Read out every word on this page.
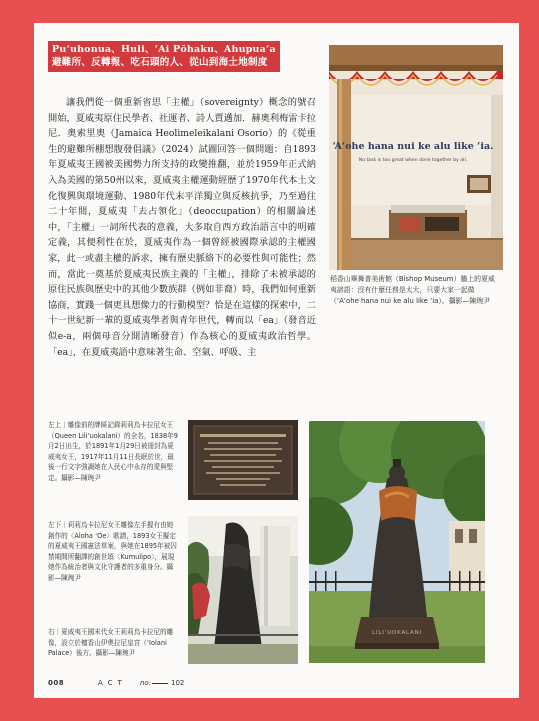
Pu‘uhonua、Huli、‘Ai Pōhaku、Ahupua‘a
避難所、反轉報、吃石頭的人、從山到海土地制度

讓我們從一個重新省思「主權」（sovereignty）概念的號召開始，夏威夷原住民學者、社運者、詩人賈邁加．赫奧利梅雷卡拉尼．奧索里奧（Jamaica Heolimeleikalani Osorio）的《從重生的避難所棚想腹發倡議》（2024）試圖回答一個問題：自1893年夏威夷王國被美國勢力所支持的政變推翻，並於1959年正式納入為美國的第50州以來，夏威夷主權運動經歷了1970年代本土文化復興與環境運動、1980年代末平洋獨立與反核抗爭，乃至過往二十年間，夏威夷「去占領化」（deoccupation）的相關論述中，「主權」一詞所代表的意義，大多取自西方政治語言中的明確定義，其便利性在於，夏威夷作為一個曾經被國際承認的主權國家，此一或盡主權的訴求，擁有歷史脈絡下的必要性與可能性；然而，當此一奠基於夏威夷民族主義的「主權」，排除了未被承認的原住民族與歷史中的其他少數族群（例如非裔）時，我們如何重新協商，實踐一個更具想像力的行動模型？恰是在這樣的探索中，二十一世紀新一輩的夏威夷學者與青年世代，轉而以「ea」（發音近似e-a，兩個母音分開清晰發音）作為核心的夏威夷政治哲學。「ea」，在夏威夷語中意味著生命、空氣、呼吸、主

‘A‘ohe hana nui ke alu like ‘ia.
No task is too great when done together by all.

稻香山畢舞普美術館（Bishop Museum）牆上的夏威夷諺語：沒有什麼任務是太大，只要大家一起做（‘A‘ohe hana nui ke alu like ‘ia）。攝影—陳琬尹

左上｜雕像前的牌匾記錄莉莉烏卡拉尼女王（Queen Lili‘uokalani）的全名，1838年9月2日出生，於1891年1月29日被冊封為夏威夷女王，1917年11月11日長眠於世，最後一行文字強調她在人民心中永存的愛與堅定。攝影—陳琬尹

左下｜莉莉烏卡拉尼女王雕像左手握有由她創作的〈Aloha ‘Oe〉歌譜，1893女王擬定的夏威夷王國憲法草案，與她在1895年被囚禁期間所翻譯的創世頌〈Kumulipo〉，展現她作為統治者與文化守護者的多重身分。攝影—陳琬尹

右｜夏威夷王國末代女王莉莉烏卡拉尼的雕像，設立於檀香山伊奧拉尼皇宮（‘Iolani Palace）後方。攝影—陳琬尹

LILI‘UOKALANI
008	ACT no.	102
